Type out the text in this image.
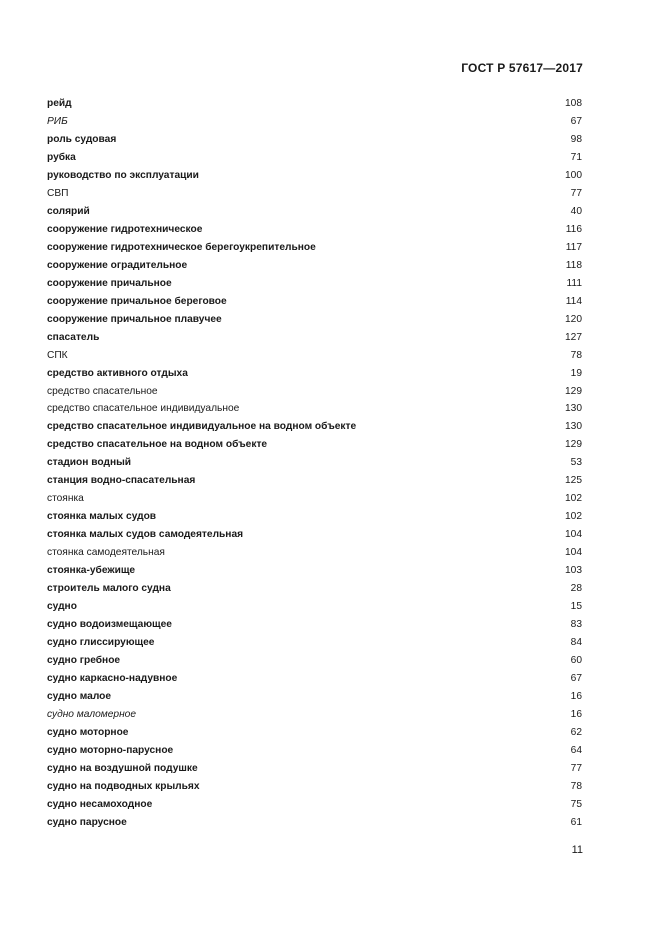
ГОСТ Р 57617—2017
рейд	108
РИБ	67
роль судовая	98
рубка	71
руководство по эксплуатации	100
СВП	77
солярий	40
сооружение гидротехническое	116
сооружение гидротехническое берегоукрепительное	117
сооружение оградительное	118
сооружение причальное	111
сооружение причальное береговое	114
сооружение причальное плавучее	120
спасатель	127
СПК	78
средство активного отдыха	19
средство спасательное	129
средство спасательное индивидуальное	130
средство спасательное индивидуальное на водном объекте	130
средство спасательное на водном объекте	129
стадион водный	53
станция водно-спасательная	125
стоянка	102
стоянка малых судов	102
стоянка малых судов самодеятельная	104
стоянка самодеятельная	104
стоянка-убежище	103
строитель малого судна	28
судно	15
судно водоизмещающее	83
судно глиссирующее	84
судно гребное	60
судно каркасно-надувное	67
судно малое	16
судно маломерное	16
судно моторное	62
судно моторно-парусное	64
судно на воздушной подушке	77
судно на подводных крыльях	78
судно несамоходное	75
судно парусное	61
11
